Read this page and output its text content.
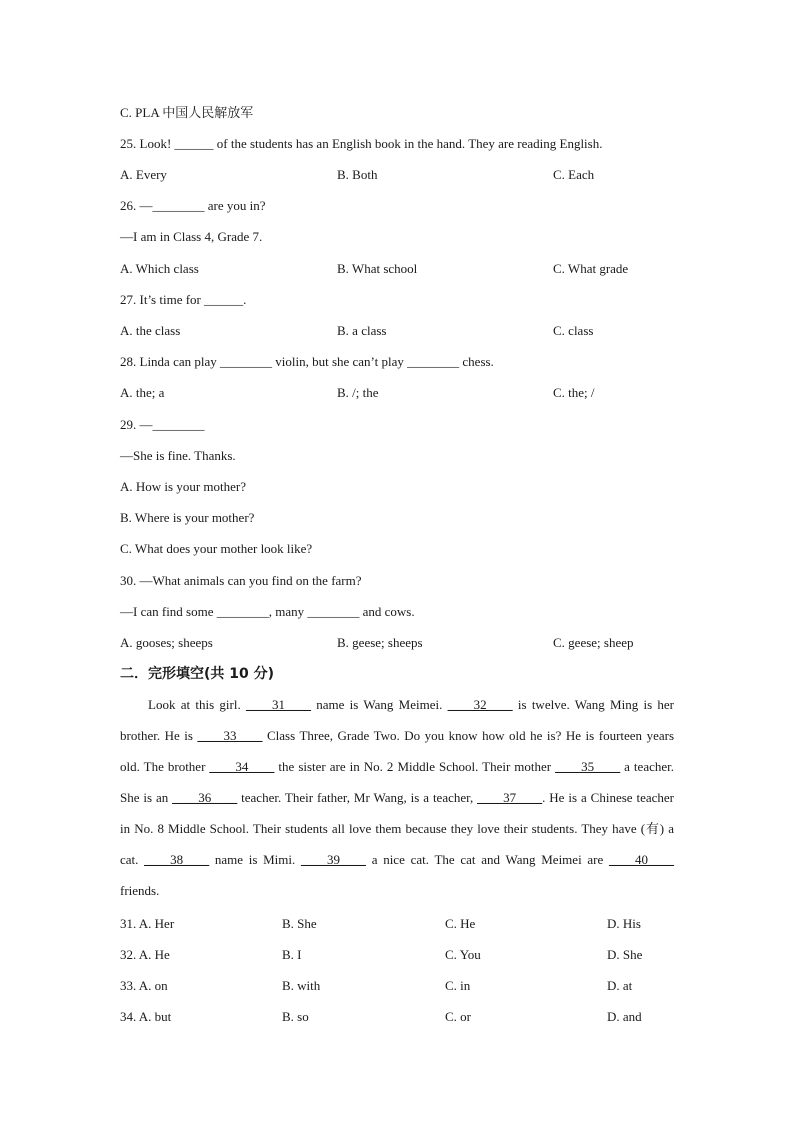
C. PLA 中国人民解放军
25. Look! ______ of the students has an English book in the hand. They are reading English.
A. Every	B. Both	C. Each
26. —________ are you in?
—I am in Class 4, Grade 7.
A. Which class	B. What school	C. What grade
27. It’s time for ______.
A. the class	B. a class	C. class
28. Linda can play ________ violin, but she can’t play ________ chess.
A. the; a	B. /; the	C. the; /
29. —________
—She is fine. Thanks.
A. How is your mother?
B. Where is your mother?
C. What does your mother look like?
30. —What animals can you find on the farm?
—I can find some ________, many ________ and cows.
A. gooses; sheeps	B. geese; sheeps	C. geese; sheep
二．完形填空(共 10 分)
Look at this girl. ____31____ name is Wang Meimei. ____32____ is twelve. Wang Ming is her brother. He is ____33____ Class Three, Grade Two. Do you know how old he is? He is fourteen years old. The brother ____34____ the sister are in No. 2 Middle School. Their mother ____35____ a teacher. She is an ____36____ teacher. Their father, Mr Wang, is a teacher, ____37____. He is a Chinese teacher in No. 8 Middle School. Their students all love them because they love their students. They have (有) a cat. ____38____ name is Mimi. ____39____ a nice cat. The cat and Wang Meimei are ____40____ friends.
31. A. Her	B. She	C. He	D. His
32. A. He	B. I	C. You	D. She
33. A. on	B. with	C. in	D. at
34. A. but	B. so	C. or	D. and
